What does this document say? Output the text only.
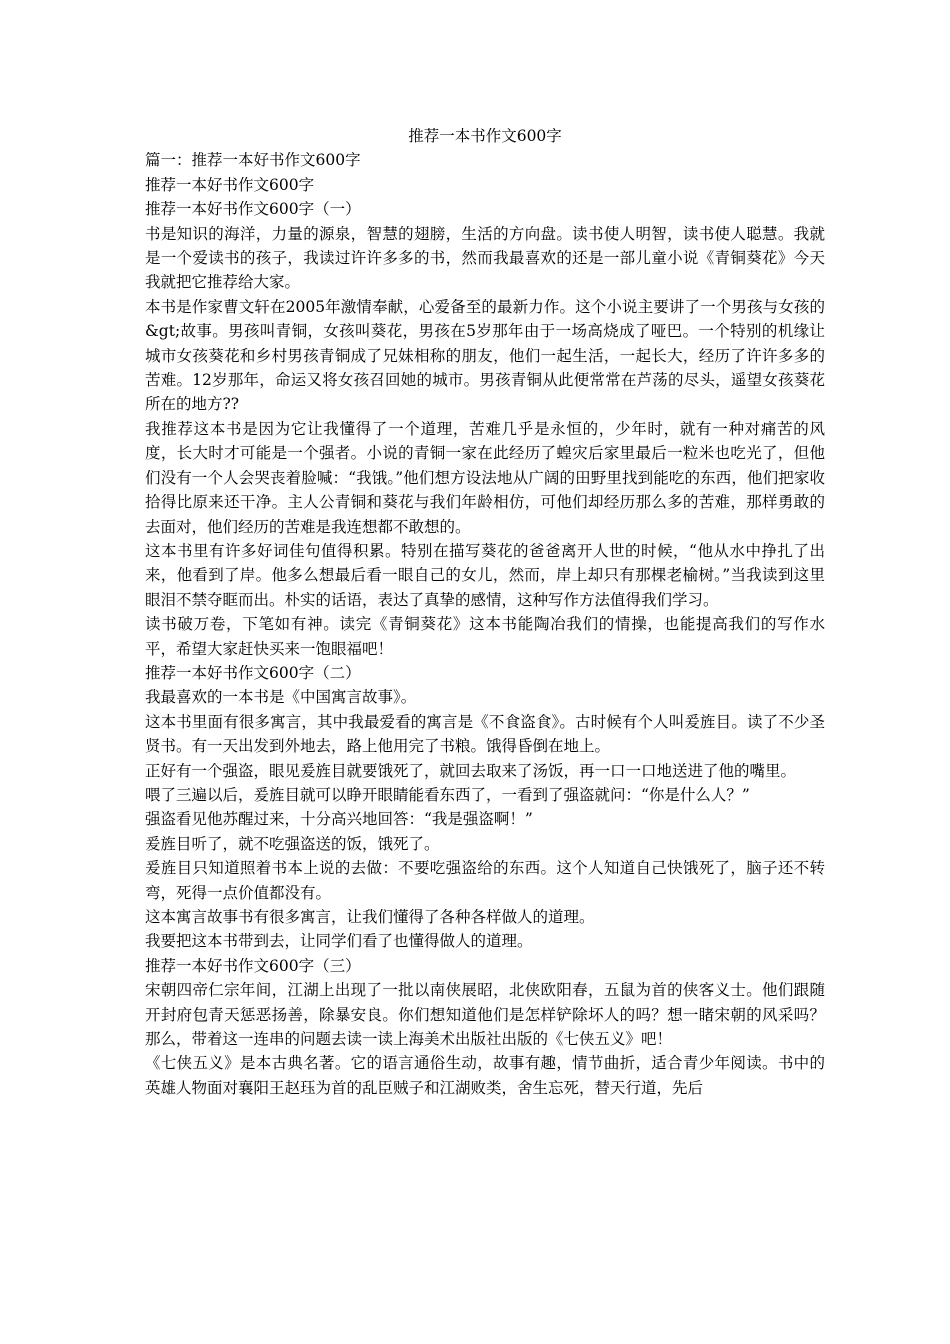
推荐一本书作文600字

篇一：推荐一本好书作文600字

推荐一本好书作文600字

推荐一本好书作文600字（一）

书是知识的海洋，力量的源泉，智慧的翅膀，生活的方向盘。读书使人明智，读书使人聪慧。我就是一个爱读书的孩子，我读过许许多多的书，然而我最喜欢的还是一部儿童小说《青铜葵花》今天我就把它推荐给大家。

本书是作家曹文轩在2005年激情奉献，心爱备至的最新力作。这个小说主要讲了一个男孩与女孩的&gt;故事。男孩叫青铜，女孩叫葵花，男孩在5岁那年由于一场高烧成了哑巴。一个特别的机缘让城市女孩葵花和乡村男孩青铜成了兄妹相称的朋友，他们一起生活，一起长大，经历了许许多多的苦难。12岁那年，命运又将女孩召回她的城市。男孩青铜从此便常常在芦荡的尽头，遥望女孩葵花所在的地方??

我推荐这本书是因为它让我懂得了一个道理，苦难几乎是永恒的，少年时，就有一种对痛苦的风度，长大时才可能是一个强者。小说的青铜一家在此经历了蝗灾后家里最后一粒米也吃光了，但他们没有一个人会哭丧着脸喊：“我饿。”他们想方设法地从广阔的田野里找到能吃的东西，他们把家收拾得比原来还干净。主人公青铜和葵花与我们年龄相仿，可他们却经历那么多的苦难，那样勇敢的去面对，他们经历的苦难是我连想都不敢想的。

这本书里有许多好词佳句值得积累。特别在描写葵花的爸爸离开人世的时候，“他从水中挣扎了出来，他看到了岸。他多么想最后看一眼自己的女儿，然而，岸上却只有那棵老榆树。”当我读到这里眼泪不禁夺眶而出。朴实的话语，表达了真挚的感情，这种写作方法值得我们学习。

读书破万卷，下笔如有神。读完《青铜葵花》这本书能陶冶我们的情操，也能提高我们的写作水平，希望大家赶快买来一饱眼福吧！

推荐一本好书作文600字（二）

我最喜欢的一本书是《中国寓言故事》。

这本书里面有很多寓言，其中我最爱看的寓言是《不食盗食》。古时候有个人叫爰旌目。读了不少圣贤书。有一天出发到外地去，路上他用完了书粮。饿得昏倒在地上。

正好有一个强盗，眼见爰旌目就要饿死了，就回去取来了汤饭，再一口一口地送进了他的嘴里。

喂了三遍以后，爰旌目就可以睁开眼睛能看东西了，一看到了强盗就问：“你是什么人？”

强盗看见他苏醒过来，十分高兴地回答：“我是强盗啊！”

爰旌目听了，就不吃强盗送的饭，饿死了。

爰旌目只知道照着书本上说的去做：不要吃强盗给的东西。这个人知道自己快饿死了，脑子还不转弯，死得一点价值都没有。

这本寓言故事书有很多寓言，让我们懂得了各种各样做人的道理。

我要把这本书带到去，让同学们看了也懂得做人的道理。

推荐一本好书作文600字（三）

宋朝四帝仁宗年间，江湖上出现了一批以南侠展昭，北侠欧阳春，五鼠为首的侠客义士。他们跟随开封府包青天惩恶扬善，除暴安良。你们想知道他们是怎样铲除坏人的吗？想一睹宋朝的风采吗？那么，带着这一连串的问题去读一读上海美术出版社出版的《七侠五义》吧！

《七侠五义》是本古典名著。它的语言通俗生动，故事有趣，情节曲折，适合青少年阅读。书中的英雄人物面对襄阳王赵珏为首的乱臣贼子和江湖败类，舍生忘死，替天行道，先后
